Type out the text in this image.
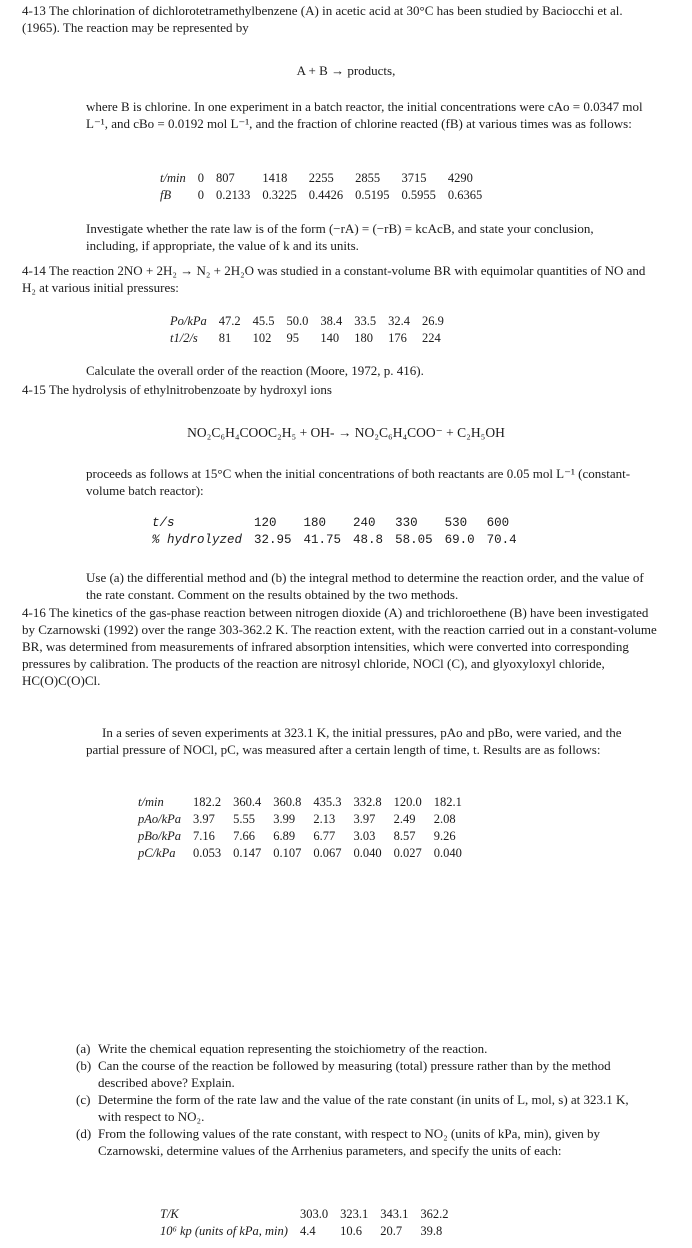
4-13 The chlorination of dichlorotetramethylbenzene (A) in acetic acid at 30°C has been studied by Baciocchi et al. (1965). The reaction may be represented by

A + B → products,

where B is chlorine. In one experiment in a batch reactor, the initial concentrations were cAo = 0.0347 mol L⁻¹, and cBo = 0.0192 mol L⁻¹, and the fraction of chlorine reacted (fB) at various times was as follows:

t/min	0	807	1418	2255	2855	3715	4290
fB	0	0.2133	0.3225	0.4426	0.5195	0.5955	0.6365

Investigate whether the rate law is of the form (−rA) = (−rB) = kcAcB, and state your conclusion, including, if appropriate, the value of k and its units.

4-14 The reaction 2NO + 2H₂ → N₂ + 2H₂O was studied in a constant-volume BR with equimolar quantities of NO and H₂ at various initial pressures:

Po/kPa	47.2	45.5	50.0	38.4	33.5	32.4	26.9
t1/2/s	81	102	95	140	180	176	224

Calculate the overall order of the reaction (Moore, 1972, p. 416).

4-15 The hydrolysis of ethylnitrobenzoate by hydroxyl ions

NO₂C₆H₄COOC₂H₅ + OH- → NO₂C₆H₄COO⁻ + C₂H₅OH

proceeds as follows at 15°C when the initial concentrations of both reactants are 0.05 mol L⁻¹ (constant-volume batch reactor):

t/s	120	180	240	330	530	600
% hydrolyzed	32.95	41.75	48.8	58.05	69.0	70.4

Use (a) the differential method and (b) the integral method to determine the reaction order, and the value of the rate constant. Comment on the results obtained by the two methods.

4-16 The kinetics of the gas-phase reaction between nitrogen dioxide (A) and trichloroethene (B) have been investigated by Czarnowski (1992) over the range 303-362.2 K. The reaction extent, with the reaction carried out in a constant-volume BR, was determined from measurements of infrared absorption intensities, which were converted into corresponding pressures by calibration. The products of the reaction are nitrosyl chloride, NOCl (C), and glyoxyloxyl chloride, HC(O)C(O)Cl.

In a series of seven experiments at 323.1 K, the initial pressures, pAo and pBo, were varied, and the partial pressure of NOCl, pC, was measured after a certain length of time, t. Results are as follows:

t/min	182.2	360.4	360.8	435.3	332.8	120.0	182.1
pAo/kPa	3.97	5.55	3.99	2.13	3.97	2.49	2.08
pBo/kPa	7.16	7.66	6.89	6.77	3.03	8.57	9.26
pC/kPa	0.053	0.147	0.107	0.067	0.040	0.027	0.040
(a) Write the chemical equation representing the stoichiometry of the reaction.
(b) Can the course of the reaction be followed by measuring (total) pressure rather than by the method described above? Explain.
(c) Determine the form of the rate law and the value of the rate constant (in units of L, mol, s) at 323.1 K, with respect to NO₂.
(d) From the following values of the rate constant, with respect to NO₂ (units of kPa, min), given by Czarnowski, determine values of the Arrhenius parameters, and specify the units of each:
T/K	303.0	323.1	343.1	362.2
10⁶ kp (units of kPa, min)	4.4	10.6	20.7	39.8
